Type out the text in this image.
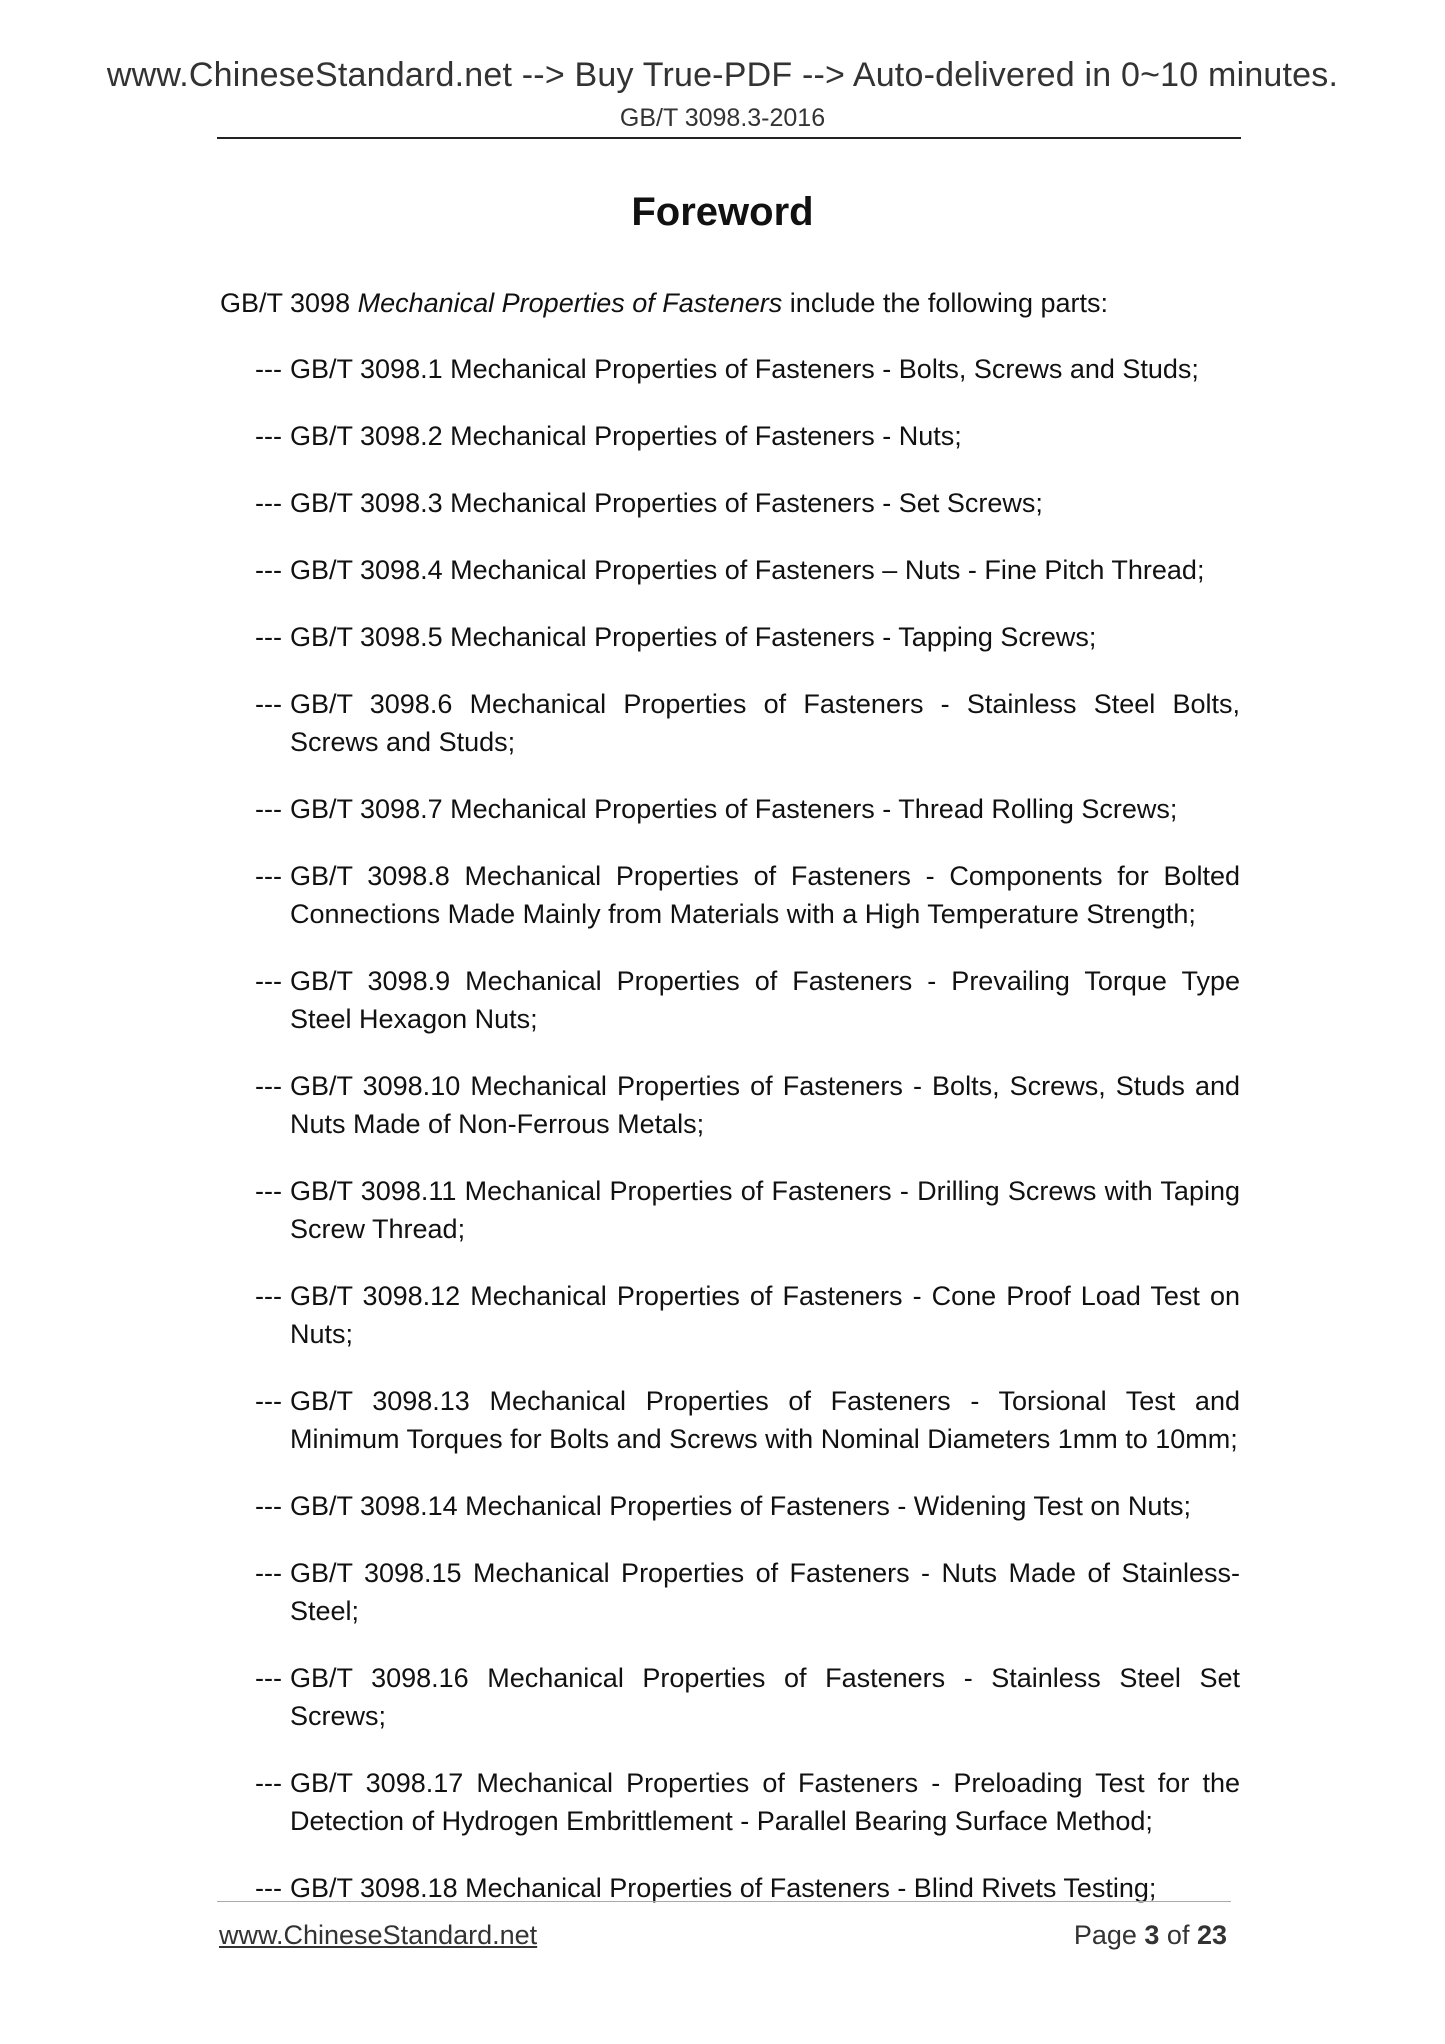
www.ChineseStandard.net --> Buy True-PDF --> Auto-delivered in 0~10 minutes.
GB/T 3098.3-2016
Foreword
GB/T 3098 Mechanical Properties of Fasteners include the following parts:
--- GB/T 3098.1 Mechanical Properties of Fasteners - Bolts, Screws and Studs;
--- GB/T 3098.2 Mechanical Properties of Fasteners - Nuts;
--- GB/T 3098.3 Mechanical Properties of Fasteners - Set Screws;
--- GB/T 3098.4 Mechanical Properties of Fasteners – Nuts - Fine Pitch Thread;
--- GB/T 3098.5 Mechanical Properties of Fasteners - Tapping Screws;
--- GB/T 3098.6 Mechanical Properties of Fasteners - Stainless Steel Bolts, Screws and Studs;
--- GB/T 3098.7 Mechanical Properties of Fasteners - Thread Rolling Screws;
--- GB/T 3098.8 Mechanical Properties of Fasteners - Components for Bolted Connections Made Mainly from Materials with a High Temperature Strength;
--- GB/T 3098.9 Mechanical Properties of Fasteners - Prevailing Torque Type Steel Hexagon Nuts;
--- GB/T 3098.10 Mechanical Properties of Fasteners - Bolts, Screws, Studs and Nuts Made of Non-Ferrous Metals;
--- GB/T 3098.11 Mechanical Properties of Fasteners - Drilling Screws with Taping Screw Thread;
--- GB/T 3098.12 Mechanical Properties of Fasteners - Cone Proof Load Test on Nuts;
--- GB/T 3098.13 Mechanical Properties of Fasteners - Torsional Test and Minimum Torques for Bolts and Screws with Nominal Diameters 1mm to 10mm;
--- GB/T 3098.14 Mechanical Properties of Fasteners - Widening Test on Nuts;
--- GB/T 3098.15 Mechanical Properties of Fasteners - Nuts Made of Stainless-Steel;
--- GB/T 3098.16 Mechanical Properties of Fasteners - Stainless Steel Set Screws;
--- GB/T 3098.17 Mechanical Properties of Fasteners - Preloading Test for the Detection of Hydrogen Embrittlement - Parallel Bearing Surface Method;
--- GB/T 3098.18 Mechanical Properties of Fasteners - Blind Rivets Testing;
www.ChineseStandard.net	Page 3 of 23
